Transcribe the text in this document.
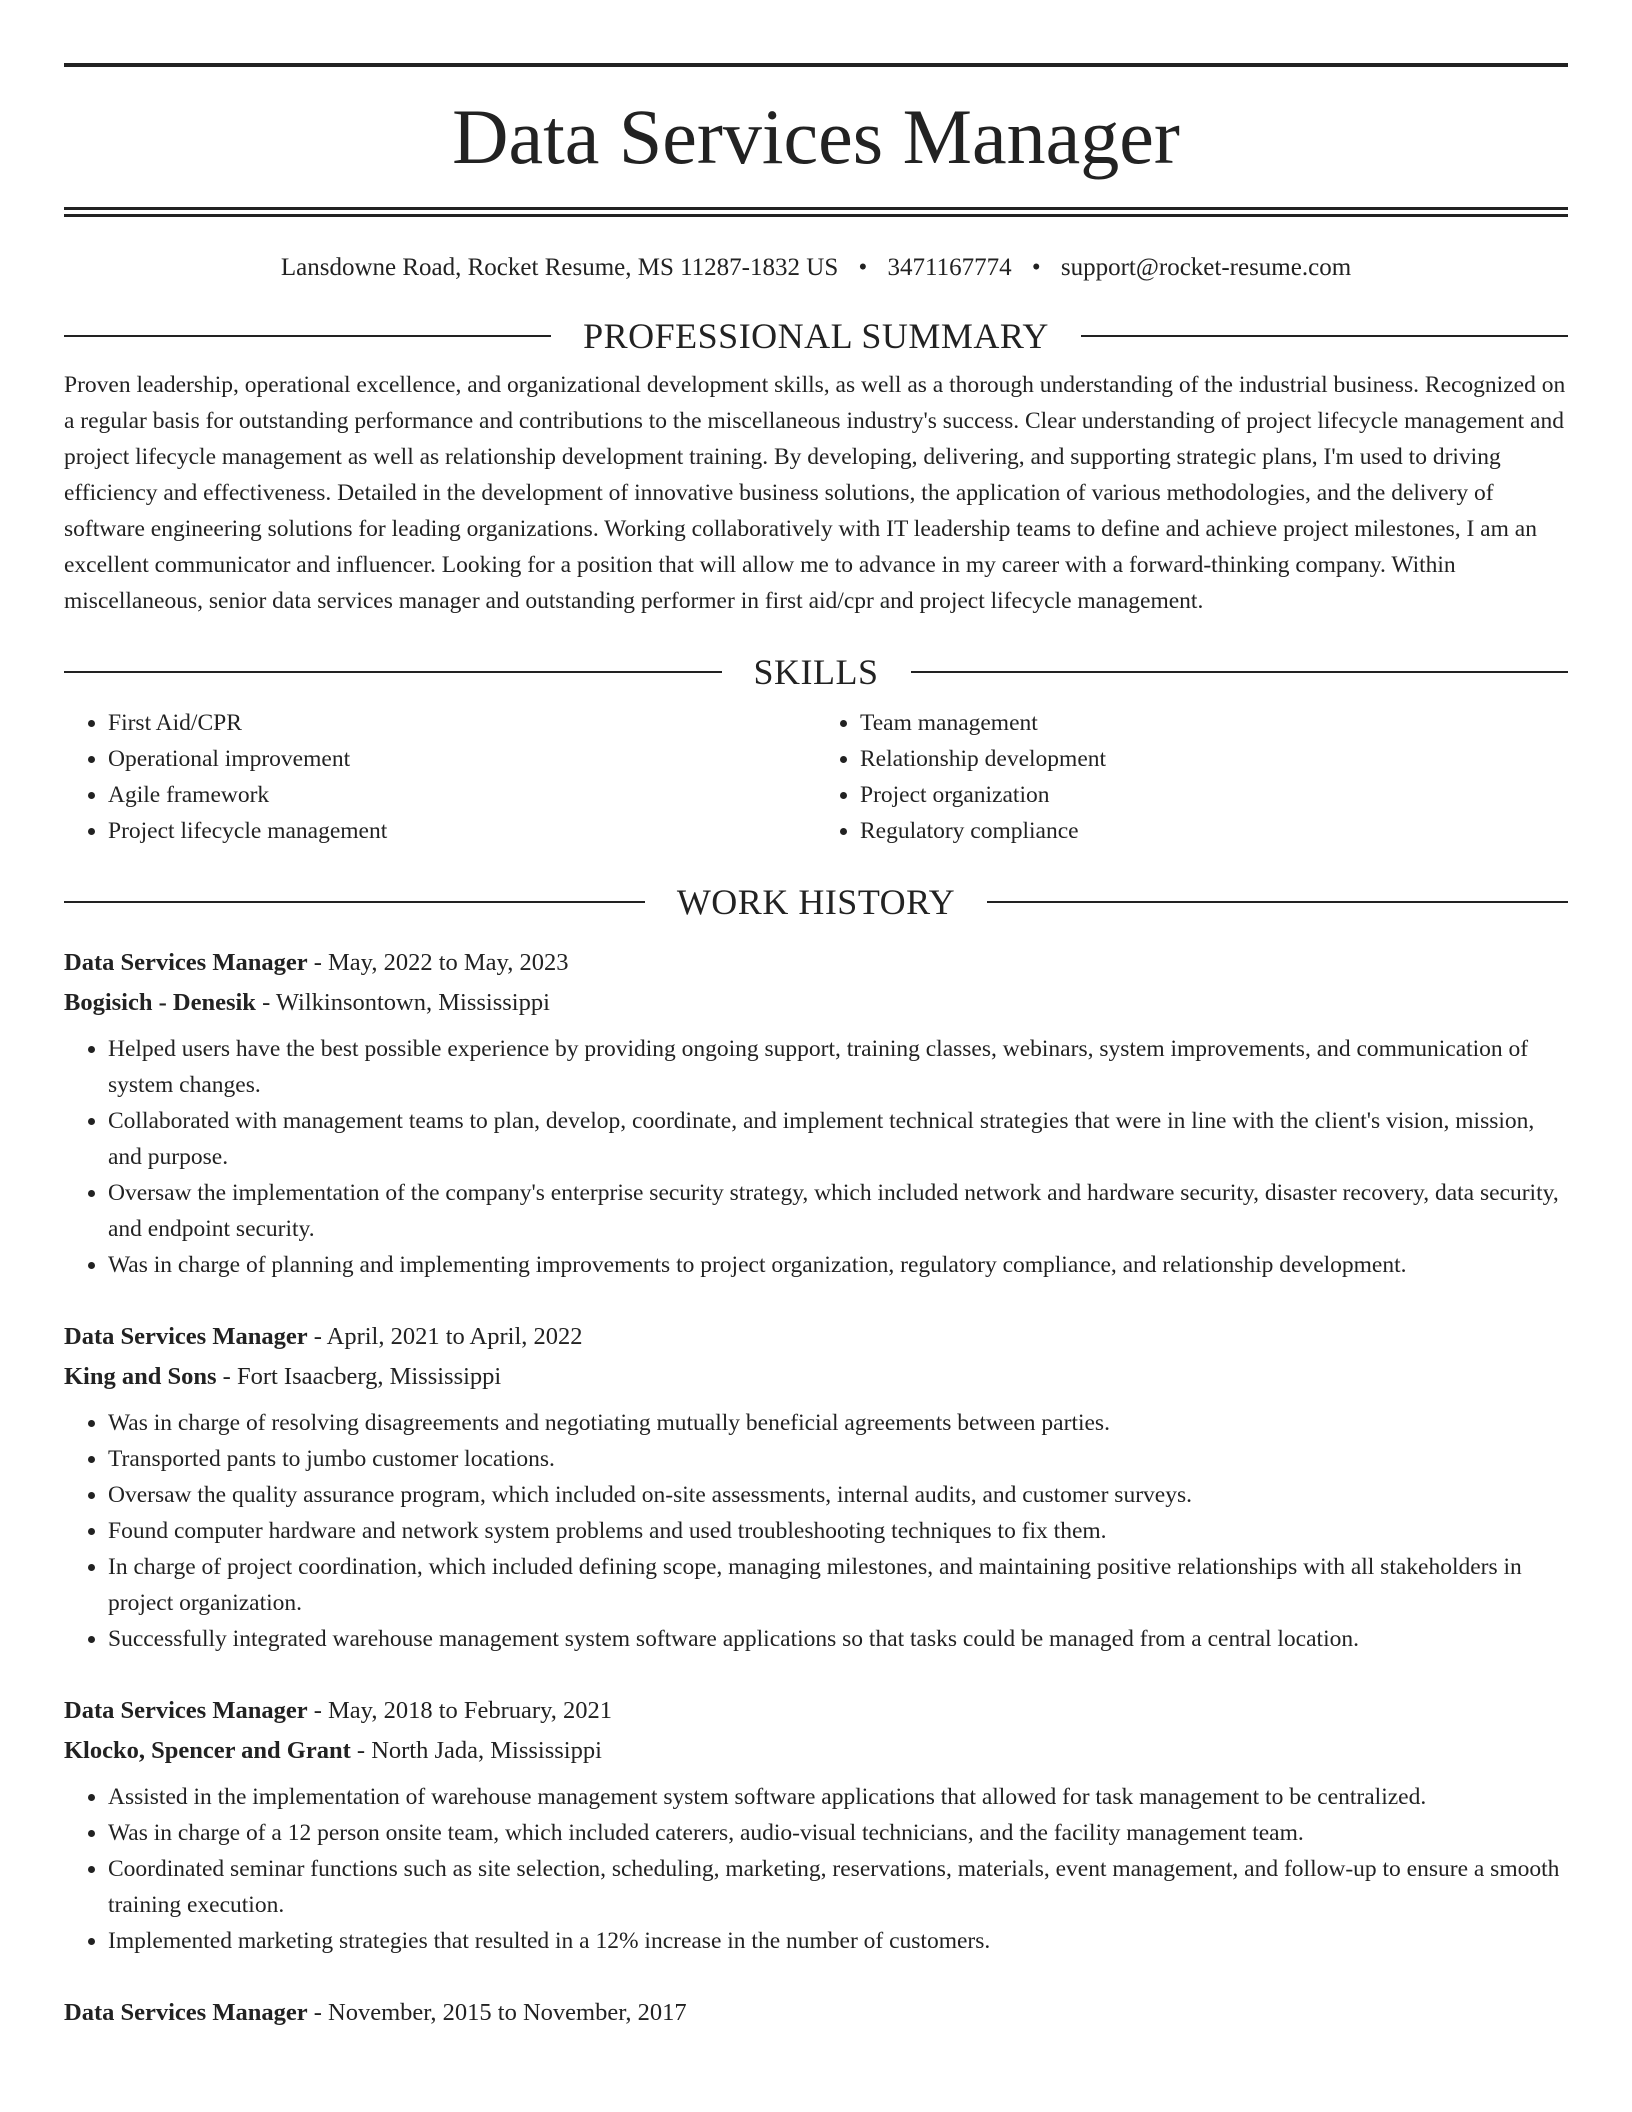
Data Services Manager
Lansdowne Road, Rocket Resume, MS 11287-1832 US • 3471167774 • support@rocket-resume.com
PROFESSIONAL SUMMARY
Proven leadership, operational excellence, and organizational development skills, as well as a thorough understanding of the industrial business. Recognized on a regular basis for outstanding performance and contributions to the miscellaneous industry's success. Clear understanding of project lifecycle management and project lifecycle management as well as relationship development training. By developing, delivering, and supporting strategic plans, I'm used to driving efficiency and effectiveness. Detailed in the development of innovative business solutions, the application of various methodologies, and the delivery of software engineering solutions for leading organizations. Working collaboratively with IT leadership teams to define and achieve project milestones, I am an excellent communicator and influencer. Looking for a position that will allow me to advance in my career with a forward-thinking company. Within miscellaneous, senior data services manager and outstanding performer in first aid/cpr and project lifecycle management.
SKILLS
• First Aid/CPR
• Operational improvement
• Agile framework
• Project lifecycle management
• Team management
• Relationship development
• Project organization
• Regulatory compliance
WORK HISTORY
Data Services Manager - May, 2022 to May, 2023
Bogisich - Denesik - Wilkinsontown, Mississippi
• Helped users have the best possible experience by providing ongoing support, training classes, webinars, system improvements, and communication of system changes.
• Collaborated with management teams to plan, develop, coordinate, and implement technical strategies that were in line with the client's vision, mission, and purpose.
• Oversaw the implementation of the company's enterprise security strategy, which included network and hardware security, disaster recovery, data security, and endpoint security.
• Was in charge of planning and implementing improvements to project organization, regulatory compliance, and relationship development.
Data Services Manager - April, 2021 to April, 2022
King and Sons - Fort Isaacberg, Mississippi
• Was in charge of resolving disagreements and negotiating mutually beneficial agreements between parties.
• Transported pants to jumbo customer locations.
• Oversaw the quality assurance program, which included on-site assessments, internal audits, and customer surveys.
• Found computer hardware and network system problems and used troubleshooting techniques to fix them.
• In charge of project coordination, which included defining scope, managing milestones, and maintaining positive relationships with all stakeholders in project organization.
• Successfully integrated warehouse management system software applications so that tasks could be managed from a central location.
Data Services Manager - May, 2018 to February, 2021
Klocko, Spencer and Grant - North Jada, Mississippi
• Assisted in the implementation of warehouse management system software applications that allowed for task management to be centralized.
• Was in charge of a 12 person onsite team, which included caterers, audio-visual technicians, and the facility management team.
• Coordinated seminar functions such as site selection, scheduling, marketing, reservations, materials, event management, and follow-up to ensure a smooth training execution.
• Implemented marketing strategies that resulted in a 12% increase in the number of customers.
Data Services Manager - November, 2015 to November, 2017
